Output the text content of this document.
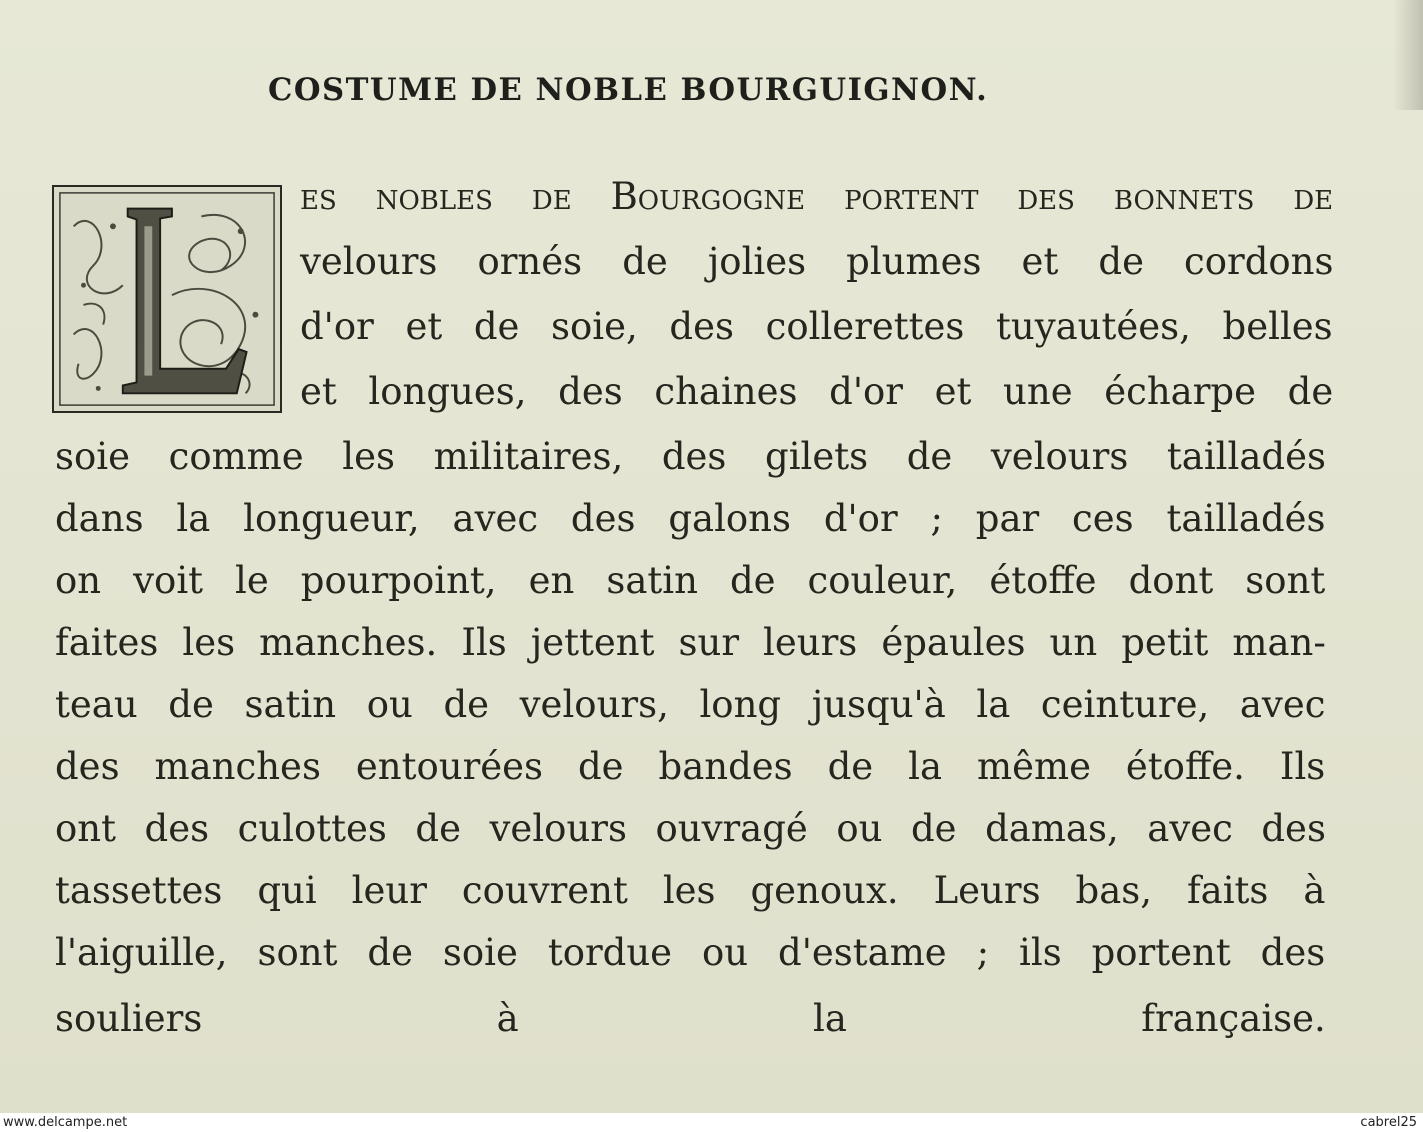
COSTUME DE NOBLE BOURGUIGNON.
es nobles de Bourgogne portent des bonnets de
velours ornés de jolies plumes et de cordons
d'or et de soie, des collerettes tuyautées, belles
et longues, des chaines d'or et une écharpe de
soie comme les militaires, des gilets de velours tailladés
dans la longueur, avec des galons d'or ; par ces tailladés
on voit le pourpoint, en satin de couleur, étoffe dont sont
faites les manches. Ils jettent sur leurs épaules un petit man-
teau de satin ou de velours, long jusqu'à la ceinture, avec
des manches entourées de bandes de la même étoffe. Ils
ont des culottes de velours ouvragé ou de damas, avec des
tassettes qui leur couvrent les genoux. Leurs bas, faits à
l'aiguille, sont de soie tordue ou d'estame ; ils portent des
souliers à la française.
www.delcampe.net	cabrel25
